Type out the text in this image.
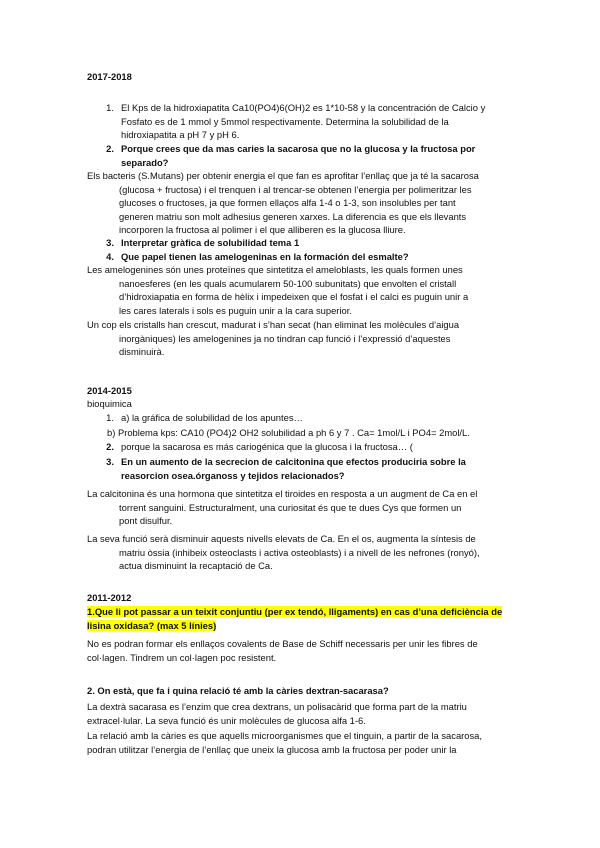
2017-2018
1. El Kps de la hidroxiapatita Ca10(PO4)6(OH)2 es 1*10-58 y la concentración de Calcio y
Fosfato es de 1 mmol y 5mmol respectivamente. Determina la solubilidad de la
hidroxiapatita a pH 7 y pH 6.
2. Porque crees que da mas caries la sacarosa que no la glucosa y la fructosa por
separado?
Els bacteris (S.Mutans) per obtenir energia el que fan es aprofitar l’enllaç que ja té la sacarosa
(glucosa + fructosa) i el trenquen i al trencar-se obtenen l’energia per polimeritzar les
glucoses o fructoses, ja que formen ellaços alfa 1-4 o 1-3, son insolubles per tant
generen matriu son molt adhesius generen xarxes. La diferencia es que els llevants
incorporen la fructosa al polimer i el que alliberen es la glucosa lliure.
3. Interpretar gràfica de solubilidad tema 1
4. Que papel tienen las amelogeninas en la formación del esmalte?
Les amelogenines són unes proteïnes que sintetitza el ameloblasts, les quals formen unes
nanoesferes (en les quals acumularem 50-100 subunitats) que envolten el cristall
d’hidroxiapatia en forma de hèlix i impedeixen que el fosfat i el calci es puguin unir a
les cares laterals i sols es puguin unir a la cara superior.
Un cop els cristalls han crescut, madurat i s’han secat (han eliminat les molècules d’aigua
inorgàniques) les amelogenines ja no tindran cap funció i l’expressió d’aquestes
disminuirà.
2014-2015
bioquimica
1. a) la gráfica de solubilidad de los apuntes…
b) Problema kps: CA10 (PO4)2 OH2 solubilidad a ph 6 y 7 . Ca= 1mol/L i PO4= 2mol/L.
2. porque la sacarosa es más cariogénica que la glucosa i la fructosa… (
3. En un aumento de la secrecion de calcitonina que efectos produciria sobre la
reasorcion osea.órganoss y tejidos relacionados?
La calcitonina és una hormona que sintetitza el tiroides en resposta a un augment de Ca en el
torrent sanguini. Estructuralment, una curiositat és que te dues Cys que formen un
pont disulfur.
La seva funció serà disminuir aquests nivells elevats de Ca. En el os, augmenta la síntesis de
matriu òssia (inhibeix osteoclasts i activa osteoblasts) i a nivell de les nefrones (ronyó),
actua disminuint la recaptació de Ca.
2011-2012
1.Que li pot passar a un teixit conjuntiu (per ex tendó, lligaments) en cas d’una deficiència de
lisina oxidasa? (max 5 línies)
No es podran formar els enllaços covalents de Base de Schiff necessaris per unir les fibres de
col·lagen. Tindrem un col·lagen poc resistent.
2. On està, que fa i quina relació té amb la càries dextran-sacarasa?
La dextrà sacarasa es l’enzim que crea dextrans, un polisacàrid que forma part de la matriu
extracel·lular. La seva funció és unir molècules de glucosa alfa 1-6.
La relació amb la càries es que aquells microorganismes que el tinguin, a partir de la sacarosa,
podran utilitzar l’energia de l’enllaç que uneix la glucosa amb la fructosa per poder unir la
